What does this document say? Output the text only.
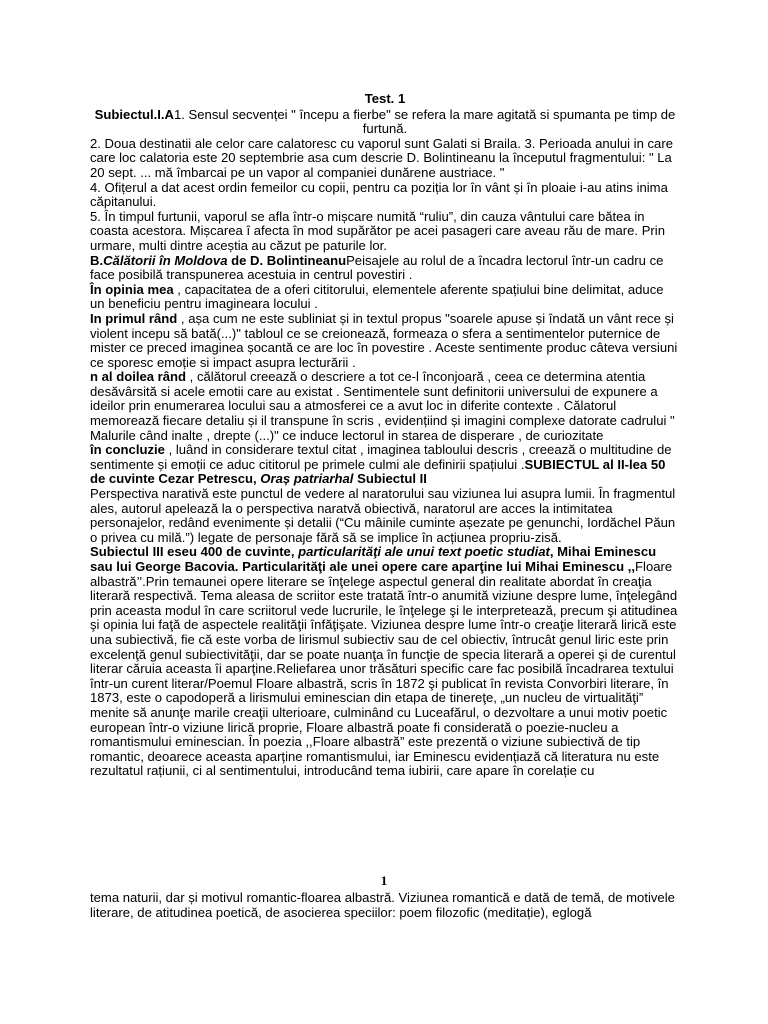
Test. 1

Subiectul.I.A1. Sensul secvenței " începu a fierbe" se refera la mare agitată si spumanta pe timp de furtună.

2. Doua destinatii ale celor care calatoresc cu vaporul sunt Galati si Braila. 3. Perioada anului in care care loc calatoria este 20 septembrie asa cum descrie D. Bolintineanu la începutul fragmentului: " La 20 sept. ... mă îmbarcai pe un vapor al companiei dunărene austriace. "

4. Ofițerul a dat acest ordin femeilor cu copii, pentru ca poziția lor în vânt și în ploaie i-au atins inima căpitanului.

5. În timpul furtunii, vaporul se afla într-o mișcare numită “ruliu”, din cauza vântului care bătea in coasta acestora. Mișcarea î afecta în mod supărător pe acei pasageri care aveau rău de mare. Prin urmare, multi dintre aceștia au căzut pe paturile lor.

B.Călătorii în Moldova de D. BolintineanuPeisajele au rolul de a încadra lectorul într-un cadru ce face posibilă transpunerea acestuia in centrul povestiri .

În opinia mea , capacitatea de a oferi cititorului, elementele aferente spațiului bine delimitat, aduce un beneficiu pentru imagineara locului .

In primul rând , așa cum ne este subliniat și in textul propus "soarele apuse și îndată un vânt rece și violent incepu să bată(...)" tabloul ce se creionează, formeaza o sfera a sentimentelor puternice de mister ce preced imaginea șocantă ce are loc în povestire . Aceste sentimente produc câteva versiuni ce sporesc emoție si impact asupra lecturării .

n al doilea rând , călătorul creează o descriere a tot ce-l înconjoară , ceea ce determina atentia desăvârsită si acele emotii care au existat . Sentimentele sunt definitorii universului de expunere a ideilor prin enumerarea locului sau a atmosferei ce a avut loc in diferite contexte . Călatorul memorează fiecare detaliu și il transpune în scris , evidențiind și imagini complexe datorate cadrului " Malurile când inalte , drepte (...)" ce induce lectorul in starea de disperare , de curiozitate

în concluzie , luând in considerare textul citat , imaginea tabloului descris , creează o multitudine de sentimente și emoții ce aduc cititorul pe primele culmi ale definirii spațiului .SUBIECTUL al II-lea 50 de cuvinte Cezar Petrescu, Oraș patriarhal Subiectul II

Perspectiva narativă este punctul de vedere al naratorului sau viziunea lui asupra lumii. În fragmentul ales, autorul apelează la o perspectiva naratvă obiectivă, naratorul are acces la intimitatea personajelor, redând evenimente și detalii (“Cu mâinile cuminte așezate pe genunchi, Iordăchel Păun o privea cu milă.”) legate de personaje fără să se implice în acțiunea propriu-zisă.

Subiectul III eseu 400 de cuvinte, particularităţi ale unui text poetic studiat, Mihai Eminescu sau lui George Bacovia. Particularităţi ale unei opere care aparţine lui Mihai Eminescu ,,Floare albastră’’.Prin temaunei opere literare se înţelege aspectul general din realitate abordat în creaţia literară respectivă. Tema aleasa de scriitor este tratată într-o anumită viziune despre lume, înţelegând prin aceasta modul în care scriitorul vede lucrurile, le înţelege şi le interpretează, precum şi atitudinea şi opinia lui faţă de aspectele realităţii înfăţişate. Viziunea despre lume într-o creaţie literară lirică este una subiectivă, fie că este vorba de lirismul subiectiv sau de cel obiectiv, întrucât genul liric este prin excelenţă genul subiectivităţii, dar se poate nuanţa în funcţie de specia literară a operei şi de curentul literar căruia aceasta îi aparţine.Reliefarea unor trăsături specific care fac posibilă încadrarea textului într-un curent literar/Poemul Floare albastră, scris în 1872 şi publicat în revista Convorbiri literare, în 1873, este o capodoperă a lirismului eminescian din etapa de tinereţe, „un nucleu de virtualităţi” menite să anunţe marile creaţii ulterioare, culminând cu Luceafărul, o dezvoltare a unui motiv poetic european într-o viziune lirică proprie, Floare albastră poate fi considerată o poezie-nucleu a romantismului eminescian. În poezia ,,Floare albastră” este prezentă o viziune subiectivă de tip romantic, deoarece aceasta aparține romantismului, iar Eminescu evidențiază că literatura nu este rezultatul rațiunii, ci al sentimentului, introducând tema iubirii, care apare în corelație cu

1

tema naturii, dar și motivul romantic-floarea albastră. Viziunea romantică e dată de temă, de motivele literare, de atitudinea poetică, de asocierea speciilor: poem filozofic (meditație), eglogă
